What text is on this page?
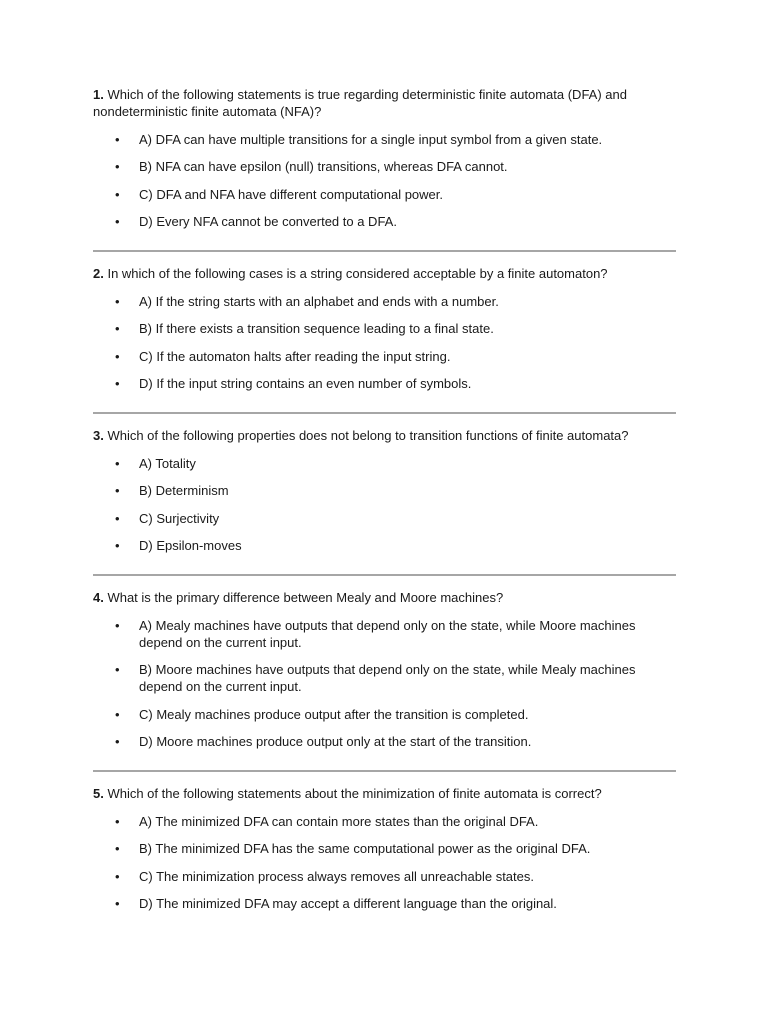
1. Which of the following statements is true regarding deterministic finite automata (DFA) and nondeterministic finite automata (NFA)?

• A) DFA can have multiple transitions for a single input symbol from a given state.
• B) NFA can have epsilon (null) transitions, whereas DFA cannot.
• C) DFA and NFA have different computational power.
• D) Every NFA cannot be converted to a DFA.

2. In which of the following cases is a string considered acceptable by a finite automaton?

• A) If the string starts with an alphabet and ends with a number.
• B) If there exists a transition sequence leading to a final state.
• C) If the automaton halts after reading the input string.
• D) If the input string contains an even number of symbols.

3. Which of the following properties does not belong to transition functions of finite automata?

• A) Totality
• B) Determinism
• C) Surjectivity
• D) Epsilon-moves

4. What is the primary difference between Mealy and Moore machines?

• A) Mealy machines have outputs that depend only on the state, while Moore machines depend on the current input.
• B) Moore machines have outputs that depend only on the state, while Mealy machines depend on the current input.
• C) Mealy machines produce output after the transition is completed.
• D) Moore machines produce output only at the start of the transition.

5. Which of the following statements about the minimization of finite automata is correct?

• A) The minimized DFA can contain more states than the original DFA.
• B) The minimized DFA has the same computational power as the original DFA.
• C) The minimization process always removes all unreachable states.
• D) The minimized DFA may accept a different language than the original.
